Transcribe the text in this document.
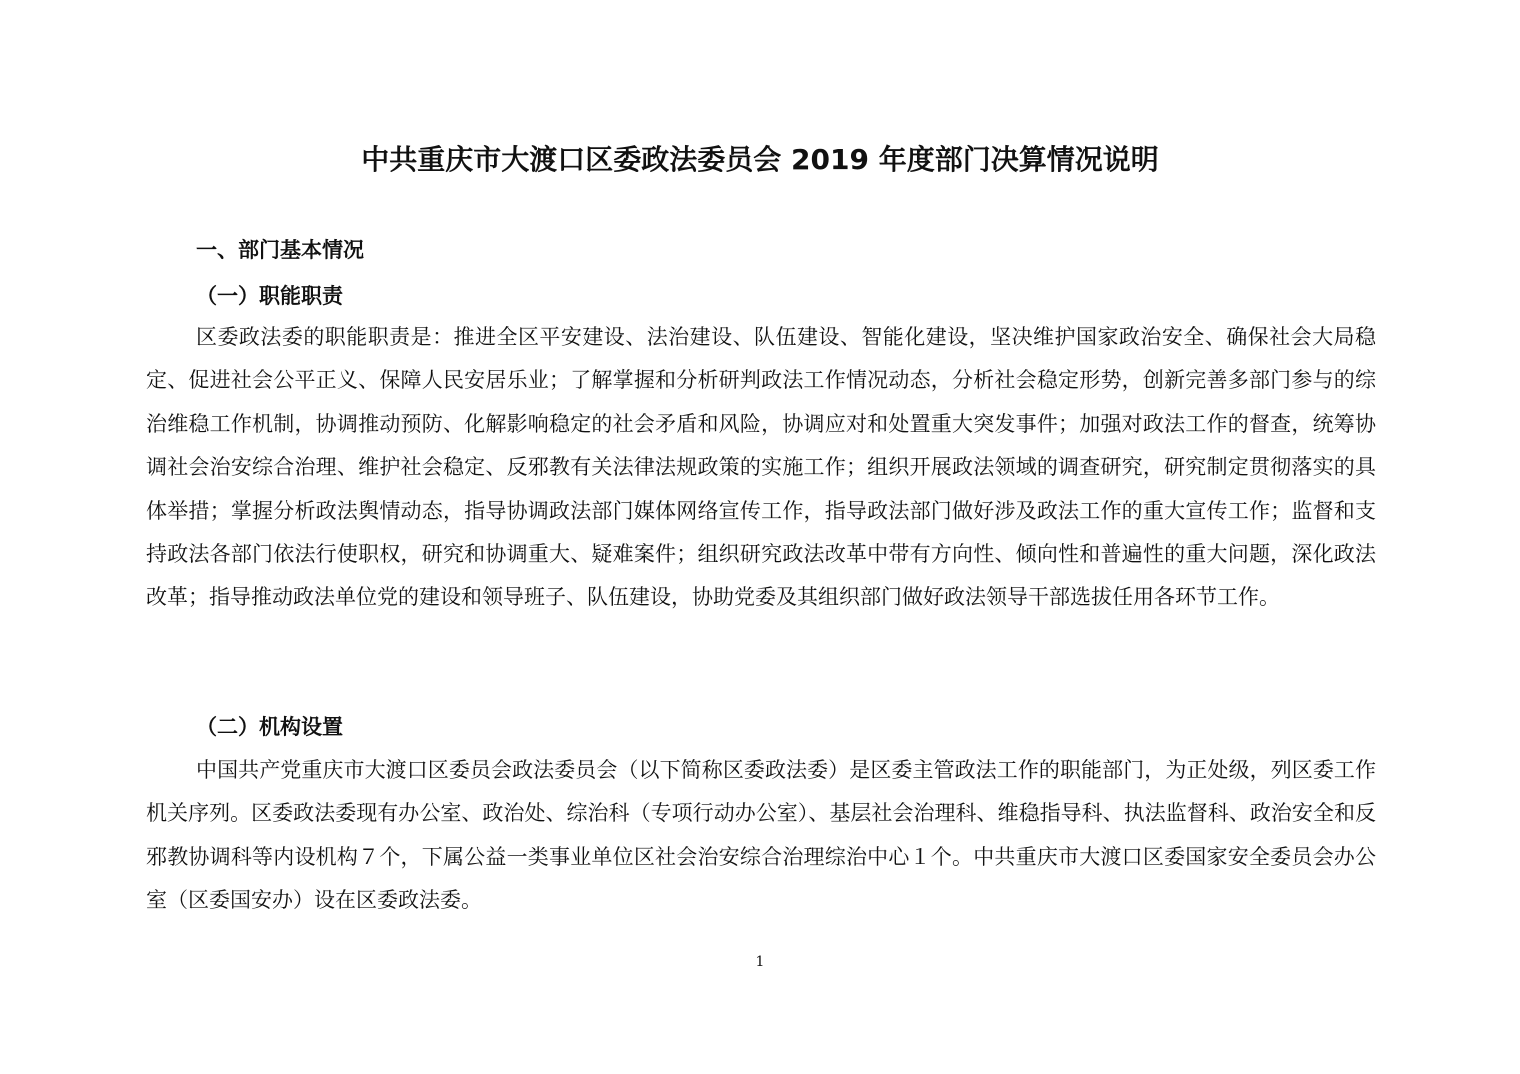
中共重庆市大渡口区委政法委员会 2019 年度部门决算情况说明
一、部门基本情况
（一）职能职责

区委政法委的职能职责是：推进全区平安建设、法治建设、队伍建设、智能化建设，坚决维护国家政治安全、确保社会大局稳定、促进社会公平正义、保障人民安居乐业；了解掌握和分析研判政法工作情况动态，分析社会稳定形势，创新完善多部门参与的综治维稳工作机制，协调推动预防、化解影响稳定的社会矛盾和风险，协调应对和处置重大突发事件；加强对政法工作的督查，统筹协调社会治安综合治理、维护社会稳定、反邪教有关法律法规政策的实施工作；组织开展政法领域的调查研究，研究制定贯彻落实的具体举措；掌握分析政法舆情动态，指导协调政法部门媒体网络宣传工作，指导政法部门做好涉及政法工作的重大宣传工作；监督和支持政法各部门依法行使职权，研究和协调重大、疑难案件；组织研究政法改革中带有方向性、倾向性和普遍性的重大问题，深化政法改革；指导推动政法单位党的建设和领导班子、队伍建设，协助党委及其组织部门做好政法领导干部选拔任用各环节工作。

（二）机构设置

中国共产党重庆市大渡口区委员会政法委员会（以下简称区委政法委）是区委主管政法工作的职能部门，为正处级，列区委工作机关序列。区委政法委现有办公室、政治处、综治科（专项行动办公室）、基层社会治理科、维稳指导科、执法监督科、政治安全和反邪教协调科等内设机构７个，下属公益一类事业单位区社会治安综合治理综治中心１个。中共重庆市大渡口区委国家安全委员会办公室（区委国安办）设在区委政法委。

1
